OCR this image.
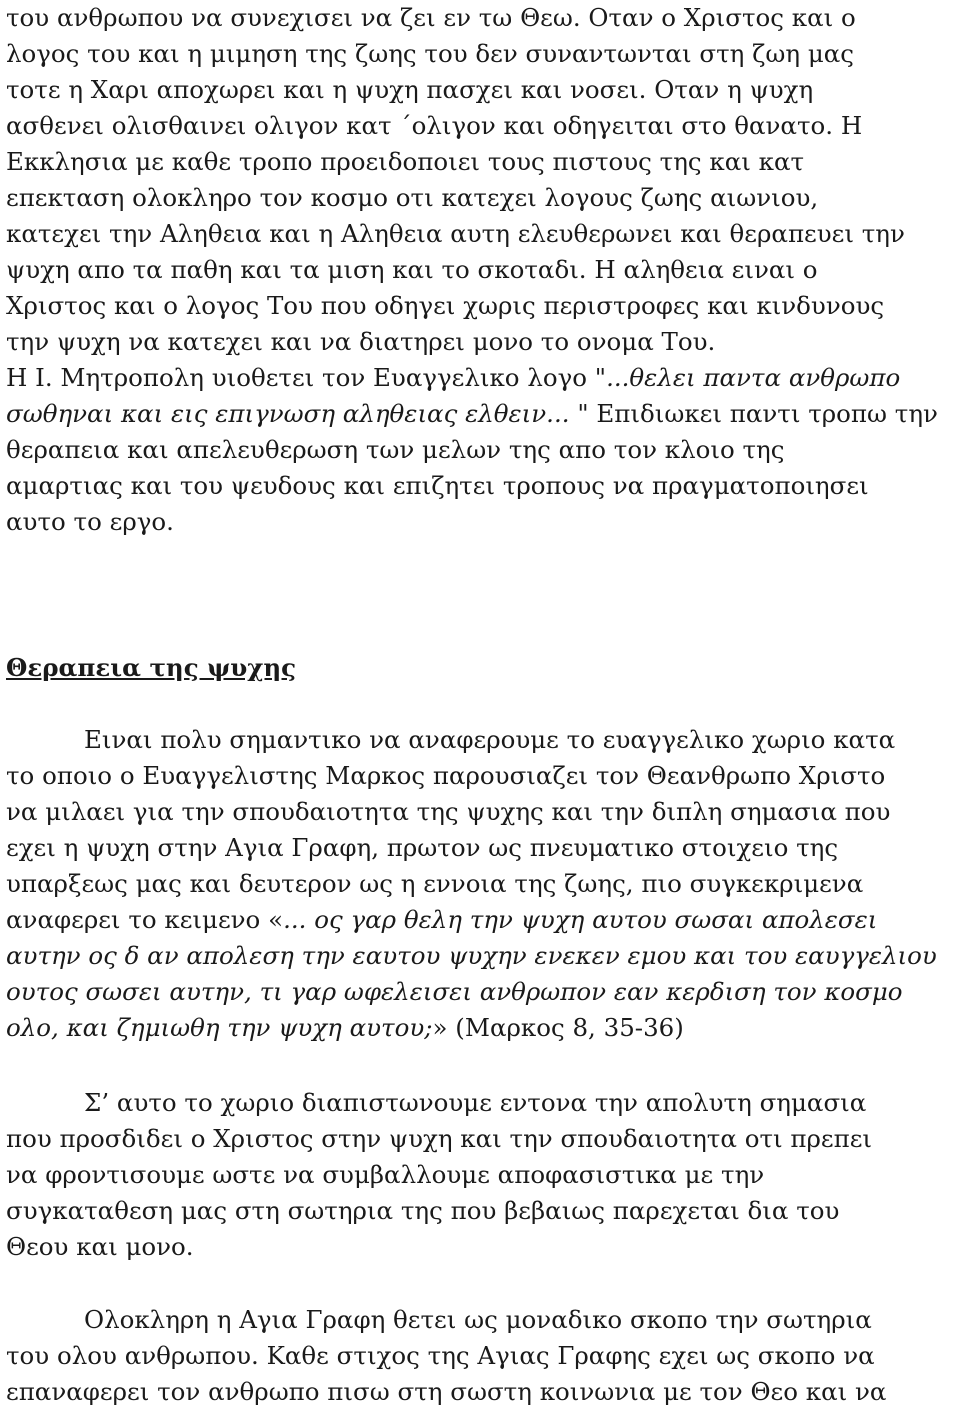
του ανθρωπου να συνεχισει να ζει εν τω Θεω. Οταν ο Χριστος και ο
λογος του και η μιμηση της ζωης του δεν συναντωνται στη ζωη μας
τοτε η Χαρι αποχωρει και η ψυχη πασχει και νοσει. Οταν η ψυχη
ασθενει ολισθαινει ολιγον κατ ΄ολιγον και οδηγειται στο θανατο. Η
Εκκλησια με καθε τροπο προειδοποιει τους πιστους της και κατ
επεκταση ολοκληρο τον κοσμο οτι κατεχει λογους ζωης αιωνιου,
κατεχει την Αληθεια και η Αληθεια αυτη ελευθερωνει και θεραπευει την
ψυχη απο τα παθη και τα μιση και το σκοταδι. Η αληθεια ειναι ο
Χριστος και ο λογος Του που οδηγει χωρις περιστροφες και κινδυνους
την ψυχη να κατεχει και να διατηρει μονο το ονομα Του.
Η Ι. Μητροπολη υιοθετει τον Ευαγγελικο λογο "...θελει παντα ανθρωπο
σωθηναι και εις επιγνωση αληθειας ελθειν... " Επιδιωκει παντι τροπω την
θεραπεια και απελευθερωση των μελων της απο τον κλοιο της
αμαρτιας και του ψευδους και επιζητει τροπους να πραγματοποιησει
αυτο το εργο.
Θεραπεια της ψυχης
Ειναι πολυ σημαντικο να αναφερουμε το ευαγγελικο χωριο κατα
το οποιο ο Ευαγγελιστης Μαρκος παρουσιαζει τον Θεανθρωπο Χριστο
να μιλαει για την σπουδαιοτητα της ψυχης και την διπλη σημασια που
εχει η ψυχη στην Αγια Γραφη, πρωτον ως πνευματικο στοιχειο της
υπαρξεως μας και δευτερον ως η εννοια της ζωης, πιο συγκεκριμενα
αναφερει το κειμενο «... ος γαρ θελη την ψυχη αυτου σωσαι απολεσει
αυτην ος δ αν απολεση την εαυτου ψυχην ενεκεν εμου και του εαυγγελιου
ουτος σωσει αυτην, τι γαρ ωφελεισει ανθρωπον εαν κερδιση τον κοσμο
ολο, και ζημιωθη την ψυχη αυτου;» (Μαρκος 8, 35-36)
Σ’ αυτο το χωριο διαπιστωνουμε εντονα την απολυτη σημασια
που προσδιδει ο Χριστος στην ψυχη και την σπουδαιοτητα οτι πρεπει
να φροντισουμε ωστε να συμβαλλουμε αποφασιστικα με την
συγκαταθεση μας στη σωτηρια της που βεβαιως παρεχεται δια του
Θεου και μονο.
Ολοκληρη η Αγια Γραφη θετει ως μοναδικο σκοπο την σωτηρια
του ολου ανθρωπου. Καθε στιχος της Αγιας Γραφης εχει ως σκοπο να
επαναφερει τον ανθρωπο πισω στη σωστη κοινωνια με τον Θεο και να
